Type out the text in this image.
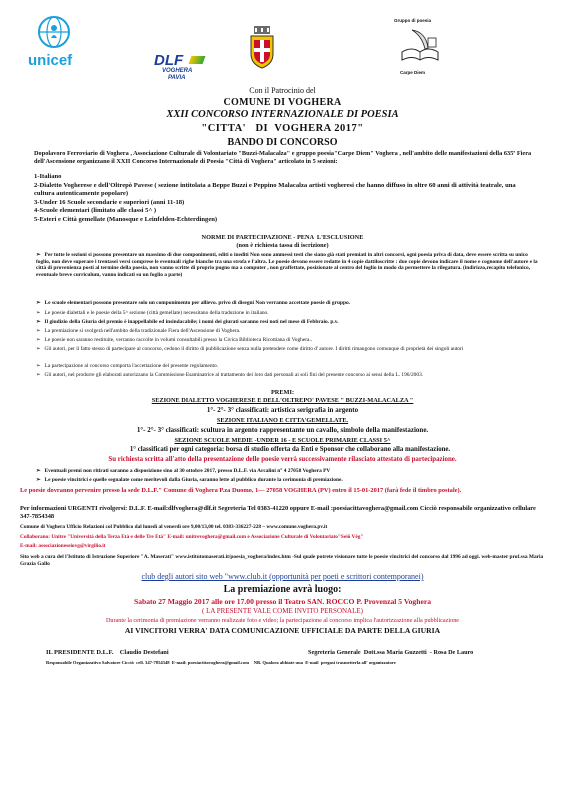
unicef	DLF
VOGHERA
PAVIA
Gruppo di poesia
Carpe Diem
Con il Patrocinio del
COMUNE DI VOGHERA
XXII CONCORSO INTERNAZIONALE DI POESIA
"CITTA'   DI  VOGHERA 2017"
BANDO DI CONCORSO
Dopolavoro Ferroviario di Voghera , Associazione Culturale di Volontariato "Buzzi-Malacalza" e gruppo poesia"Carpe Diem" Voghera , nell'ambito delle manifestazioni della 635ª Fiera dell'Ascensione organizzano il XXII Concorso Internazionale di Poesia "Città di Voghera" articolato in 5 sezioni:
1-Italiano
2-Dialetto Vogherese e dell'Oltrepò Pavese ( sezione intitolata a Beppe Buzzi e Peppino Malacalza artisti vogheresi che hanno diffuso in oltre 60 anni di attività teatrale, una cultura autenticamente popolare)
3-Under 16 Scuole secondarie e superiori (anni 11-18)
4-Scuole elementari (limitato alle classi 5^ )
5-Esteri e Città gemellate (Manosque e Leinfelden-Echterdingen)
NORME DI PARTECIPAZIONE - PENA  L'ESCLUSIONE
(non è richiesta tassa di iscrizione)
➢ Per tutte le sezioni si possono presentare un massimo di due componimenti, editi o inediti Non sono ammessi testi che siano già stati premiati in altri concorsi, ogni poesia priva di data, deve essere scritta su unico foglio, non deve superare i trentasei versi comprese le eventuali righe bianche tra una strofa e l'altra. Le poesie devono essere redatte in 4 copie dattiloscritte : due copie devono indicare il nome e cognome dell'autore e la città di provenienza posti al termine della poesia, non vanno scritte di proprio pugno ma a computer , non graffettate, posizionate al centro del foglio in modo da permettere la rilegatura. (indirizzo,recapito telefonico, eventuale breve curriculum, vanno indicati su un foglio a parte)
➢ Le scuole elementari possono presentare solo un componimento per allievo. privo di disegni Non verranno accettate poesie di gruppo.
➢ Le poesie dialettali e le poesie della 5^ sezione (città gemellate) necessitano della traduzione in italiano.
➢ Il giudizio della Giuria del premio è inappellabile ed insindacabile; i nomi dei giurati saranno resi noti nel mese di Febbraio. p.v.
➢ La premiazione si svolgerà nell'ambito della tradizionale Fiera dell'Ascensione di Voghera.
➢ Le poesie non saranno restituite, verranno raccolte in volumi consultabili presso la Civica Biblioteca Ricottiana di Voghera..
➢ Gli autori, per il fatto stesso di partecipare al concorso, cedono il diritto di pubblicazione senza nulla pretendere come diritto d' autore. I diritti rimangono comunque di proprietà dei singoli autori
➢ La partecipazione al concorso comporta l'accettazione del presente regolamento.
➢ Gli autori, nel produrre gli elaborati autorizzano la Commissione Esaminatrice al trattamento dei loro dati personali ai soli fini del presente concorso ai sensi della L. 196/2003.
PREMI:
SEZIONE DIALETTO VOGHERESE E DELL'OLTREPO' PAVESE " BUZZI-MALACALZA "
1°- 2°- 3° classificati: artistica serigrafia in argento
SEZIONE ITALIANO E CITTA'GEMELLATE.
1°- 2°- 3° classificati: scultura in argento rappresentante un cavallo, simbolo della manifestazione.
SEZIONE SCUOLE MEDIE -UNDER 16 - E SCUOLE PRIMARIE CLASSI 5^
1° classificati per ogni categoria: borsa di studio offerta da Enti e Sponsor che collaborano alla manifestazione.
Su richiesta scritta all'atto della presentazione delle poesie verrà successivamente rilasciato attestato di partecipazione.
➢ Eventuali premi non ritirati saranno a disposizione sino al 30 ottobre 2017, presso D.L.F. via Arcalini n° 4 27058 Voghera PV
➢ Le poesie vincitrici e quelle segnalate come meritevoli dalla Giuria, saranno lette al pubblico durante la cerimonia di premiazione.
Le poesie dovranno pervenire presso la sede D.L.F." Comune di Voghera P.za Duomo, 1— 27058 VOGHERA (PV) entro il 15-01-2017 (farà fede il timbro postale).
Per informazioni URGENTI rivolgersi: D.L.F. E-mail:dlfvoghera@dlf.it Segreteria Tel 0383-41220 oppure E-mail :poesiacittavoghera@gmail.com Cicciò responsabile organizzativo cellulare 347-7854348
Comune di Voghera Ufficio Relazioni col Pubblico dal lunedì al venerdì ore 9,00/13,00 tel. 0383-336227-228 – www.comune.voghera.pv.it
Collaborano: Unitre "Università della Terza Età e delle Tre Età" E-mail: unitrevoghera@gmail.com e Associazione Culturale di Volontariato"Seiô Vëg"
E-mail: associazioneseiovg@virgilio.it
Sito web a cura del l'Istituto di Istruzione Superiore "A. Maserati" www.istitutomaserati.it/poesia_voghera/index.htm -Sul quale potrete visionare tutte le poesie vincitrici del concorso dal 1996 ad oggi. web-master prof.ssa Maria Grazia Gallo
club degli autori sito web "www.club.it (opportunità per poeti e scrittori contemporanei)
La premiazione avrà luogo:
Sabato 27 Maggio 2017 alle ore 17.00 presso il Teatro SAN. ROCCO P. Provenzal 5 Voghera
( LA PRESENTE VALE COME INVITO PERSONALE)
Durante la cerimonia di premiazione verranno realizzate foto e video; la partecipazione al concorso implica l'autorizzazione alla pubblicazione
AI VINCITORI VERRA' DATA COMUNICAZIONE UFFICIALE DA PARTE DELLA GIURIA
IL PRESIDENTE D.L.F.    Claudio Destefani	Segreteria Generale  Dott.ssa Maria Guzzetti  - Rosa De Lauro
Responsabile Organizzativo Salvatore Cicciò  cell. 347-7854348  E-mail: poesiacittavoghera@gmail.com    NB. Qualora abbiate una  E-mail  pregasi trasmetterla all' organizzatore
